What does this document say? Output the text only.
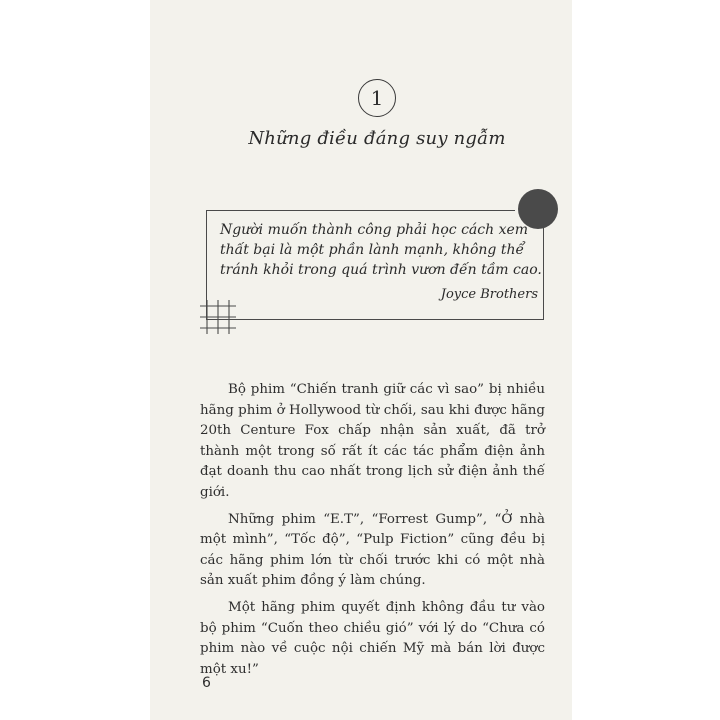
1
Những điều đáng suy ngẫm
Người muốn thành công phải học cách xem thất bại là một phần lành mạnh, không thể tránh khỏi trong quá trình vươn đến tầm cao.
Joyce Brothers

Bộ phim “Chiến tranh giữ các vì sao” bị nhiều hãng phim ở Hollywood từ chối, sau khi được hãng 20th Centure Fox chấp nhận sản xuất, đã trở thành một trong số rất ít các tác phẩm điện ảnh đạt doanh thu cao nhất trong lịch sử điện ảnh thế giới.

Những phim “E.T”, “Forrest Gump”, “Ở nhà một mình”, “Tốc độ”, “Pulp Fiction” cũng đều bị các hãng phim lớn từ chối trước khi có một nhà sản xuất phim đồng ý làm chúng.

Một hãng phim quyết định không đầu tư vào bộ phim “Cuốn theo chiều gió” với lý do “Chưa có phim nào về cuộc nội chiến Mỹ mà bán lời được một xu!”

6
